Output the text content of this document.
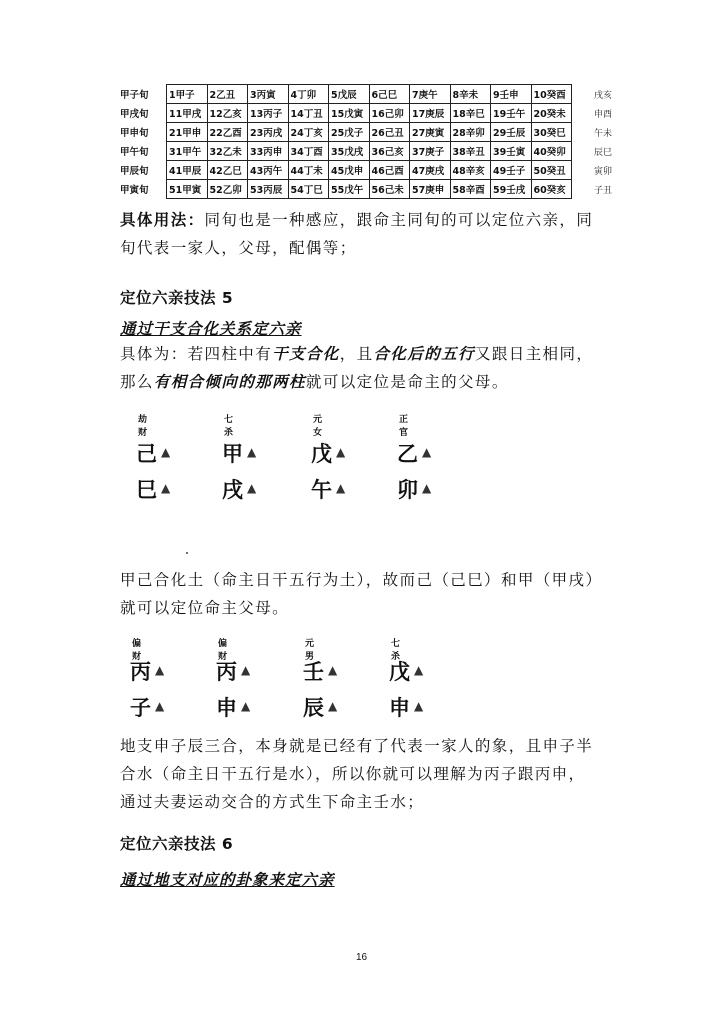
甲子旬	1甲子	2乙丑	3丙寅	4丁卯	5戊辰	6己巳	7庚午	8辛未	9壬申	10癸酉	戌亥
甲戌旬	11甲戌	12乙亥	13丙子	14丁丑	15戊寅	16己卯	17庚辰	18辛巳	19壬午	20癸未	申酉
甲申旬	21甲申	22乙酉	23丙戌	24丁亥	25戊子	26己丑	27庚寅	28辛卯	29壬辰	30癸巳	午未
甲午旬	31甲午	32乙未	33丙申	34丁酉	35戊戌	36己亥	37庚子	38辛丑	39壬寅	40癸卯	辰巳
甲辰旬	41甲辰	42乙巳	43丙午	44丁未	45戊申	46己酉	47庚戌	48辛亥	49壬子	50癸丑	寅卯
甲寅旬	51甲寅	52乙卯	53丙辰	54丁巳	55戊午	56己未	57庚申	58辛酉	59壬戌	60癸亥	子丑

具体用法：同旬也是一种感应，跟命主同旬的可以定位六亲，同旬代表一家人，父母，配偶等；

定位六亲技法 5
通过干支合化关系定六亲

具体为：若四柱中有干支合化，且合化后的五行又跟日主相同，那么有相合倾向的那两柱就可以定位是命主的父母。

劫财
己 ▲
巳 ▲
七杀
甲 ▲
戌 ▲
元女
戊 ▲
午 ▲
正官
乙 ▲
卯 ▲

甲己合化土（命主日干五行为土），故而己（己巳）和甲（甲戌）就可以定位命主父母。

偏财
丙 ▲
子 ▲
偏财
丙 ▲
申 ▲
元男
壬 ▲
辰 ▲
七杀
戊 ▲
申 ▲

地支申子辰三合，本身就是已经有了代表一家人的象，且申子半合水（命主日干五行是水），所以你就可以理解为丙子跟丙申，通过夫妻运动交合的方式生下命主壬水；

定位六亲技法 6
通过地支对应的卦象来定六亲
16
